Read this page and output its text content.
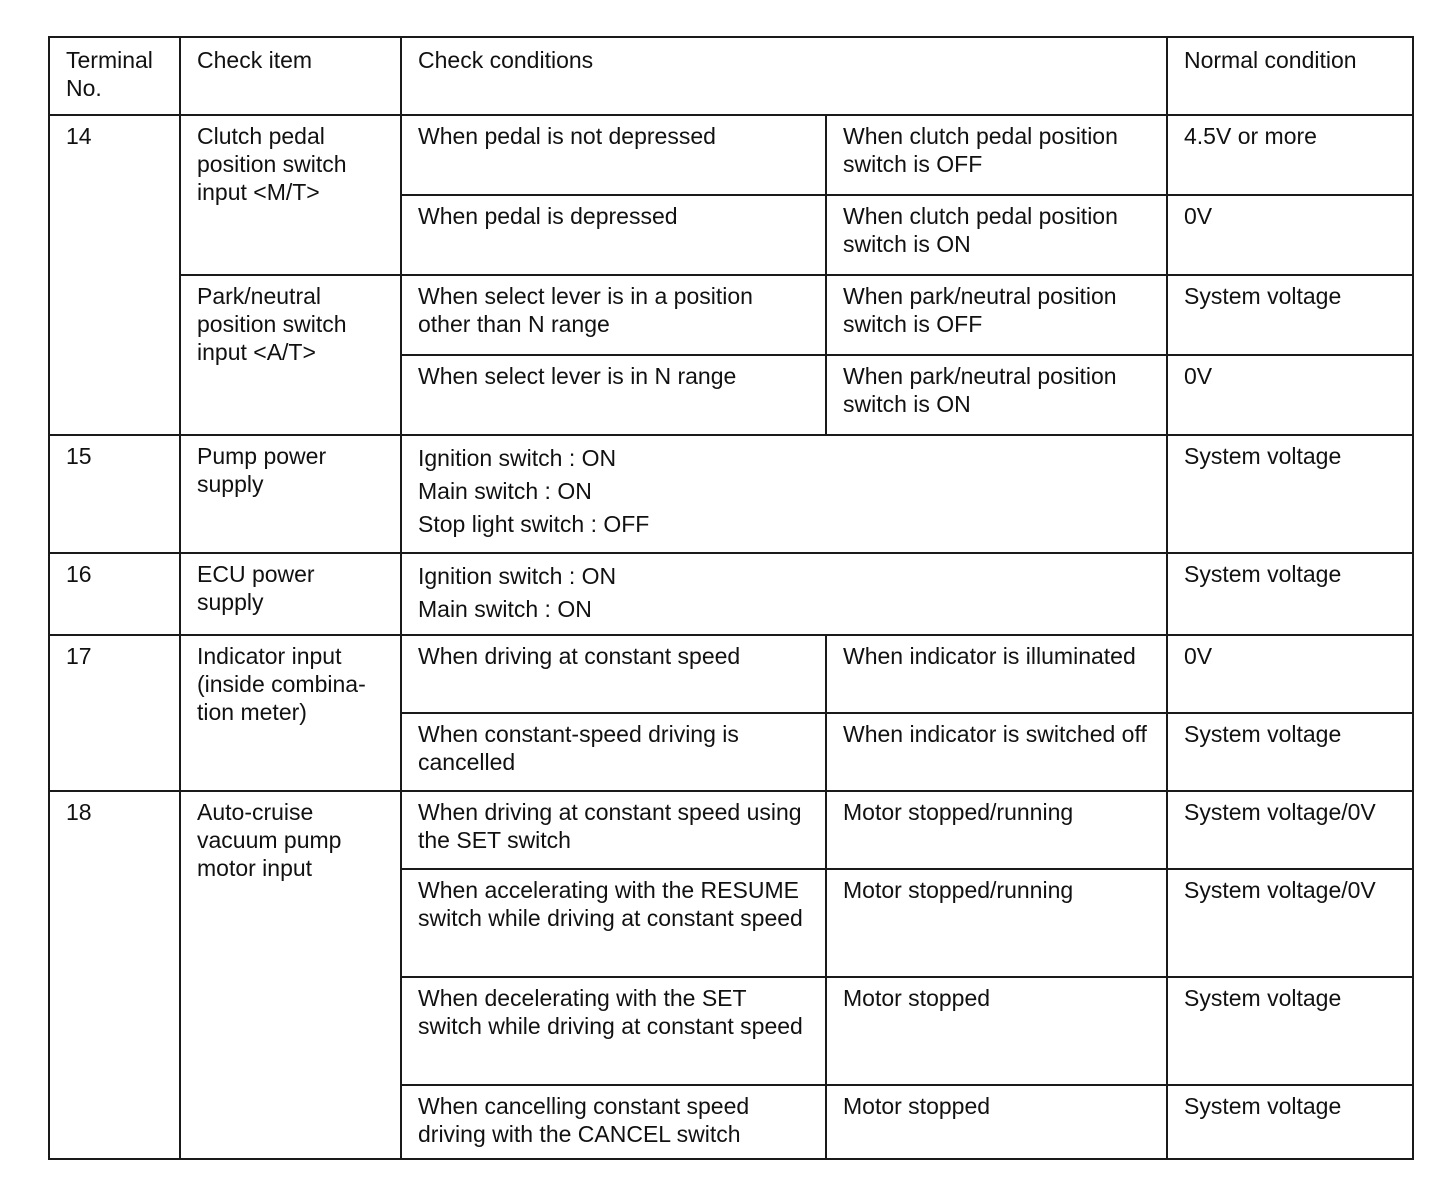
Terminal No.	Check item	Check conditions		Normal condition
14	Clutch pedal position switch input <M/T>	When pedal is not depressed	When clutch pedal position switch is OFF	4.5V or more
		When pedal is depressed	When clutch pedal position switch is ON	0V
	Park/neutral position switch input <A/T>	When select lever is in a position other than N range	When park/neutral position switch is OFF	System voltage
		When select lever is in N range	When park/neutral position switch is ON	0V
15	Pump power supply	Ignition switch : ON
Main switch : ON
Stop light switch : OFF		System voltage
16	ECU power supply	Ignition switch : ON
Main switch : ON		System voltage
17	Indicator input (inside combina-tion meter)	When driving at constant speed	When indicator is illuminated	0V
		When constant-speed driving is cancelled	When indicator is switched off	System voltage
18	Auto-cruise vacuum pump motor input	When driving at constant speed using the SET switch	Motor stopped/running	System voltage/0V
		When accelerating with the RESUME switch while driving at constant speed	Motor stopped/running	System voltage/0V
		When decelerating with the SET switch while driving at constant speed	Motor stopped	System voltage
		When cancelling constant speed driving with the CANCEL switch	Motor stopped	System voltage
